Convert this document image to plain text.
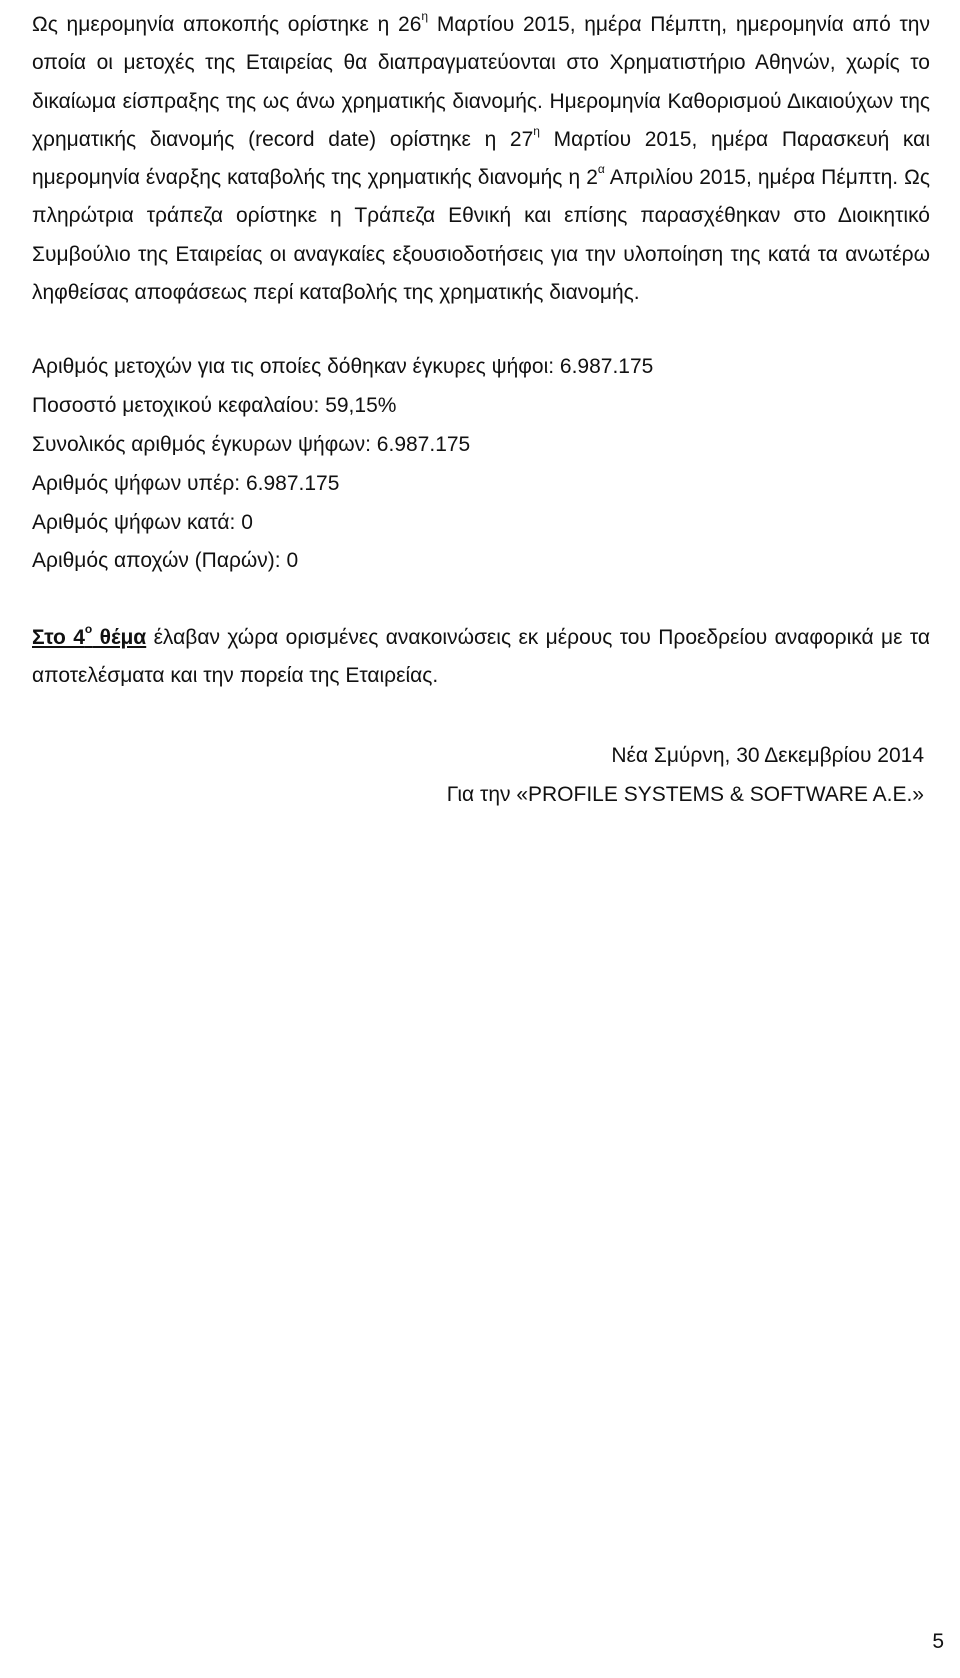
Ως ημερομηνία αποκοπής ορίστηκε η $26^\eta$ Μαρτίου 2015, ημέρα Πέμπτη, ημερομηνία από την οποία οι μετοχές της Εταιρείας θα διαπραγματεύονται στο Χρηματιστήριο Αθηνών, χωρίς το δικαίωμα είσπραξης της ως άνω χρηματικής διανομής. Ημερομηνία Καθορισμού Δικαιούχων της χρηματικής διανομής (record date) ορίστηκε η $27^\eta$ Μαρτίου 2015, ημέρα Παρασκευή και ημερομηνία έναρξης καταβολής της χρηματικής διανομής η $2^\alpha$ Απριλίου 2015, ημέρα Πέμπτη. Ως πληρώτρια τράπεζα ορίστηκε η Τράπεζα Εθνική και επίσης παρασχέθηκαν στο Διοικητικό Συμβούλιο της Εταιρείας οι αναγκαίες εξουσιοδοτήσεις για την υλοποίηση της κατά τα ανωτέρω ληφθείσας αποφάσεως περί καταβολής της χρηματικής διανομής.

Αριθμός μετοχών για τις οποίες δόθηκαν έγκυρες ψήφοι: 6.987.175

Ποσοστό μετοχικού κεφαλαίου: 59,15%

Συνολικός αριθμός έγκυρων ψήφων: 6.987.175

Αριθμός ψήφων υπέρ: 6.987.175

Αριθμός ψήφων κατά: 0

Αριθμός αποχών (Παρών): 0

Στο $4^o$ θέμα έλαβαν χώρα ορισμένες ανακοινώσεις εκ μέρους του Προεδρείου αναφορικά με τα αποτελέσματα και την πορεία της Εταιρείας.

Νέα Σμύρνη, 30 Δεκεμβρίου 2014

Για την «PROFILE SYSTEMS & SOFTWARE A.E.»

5
